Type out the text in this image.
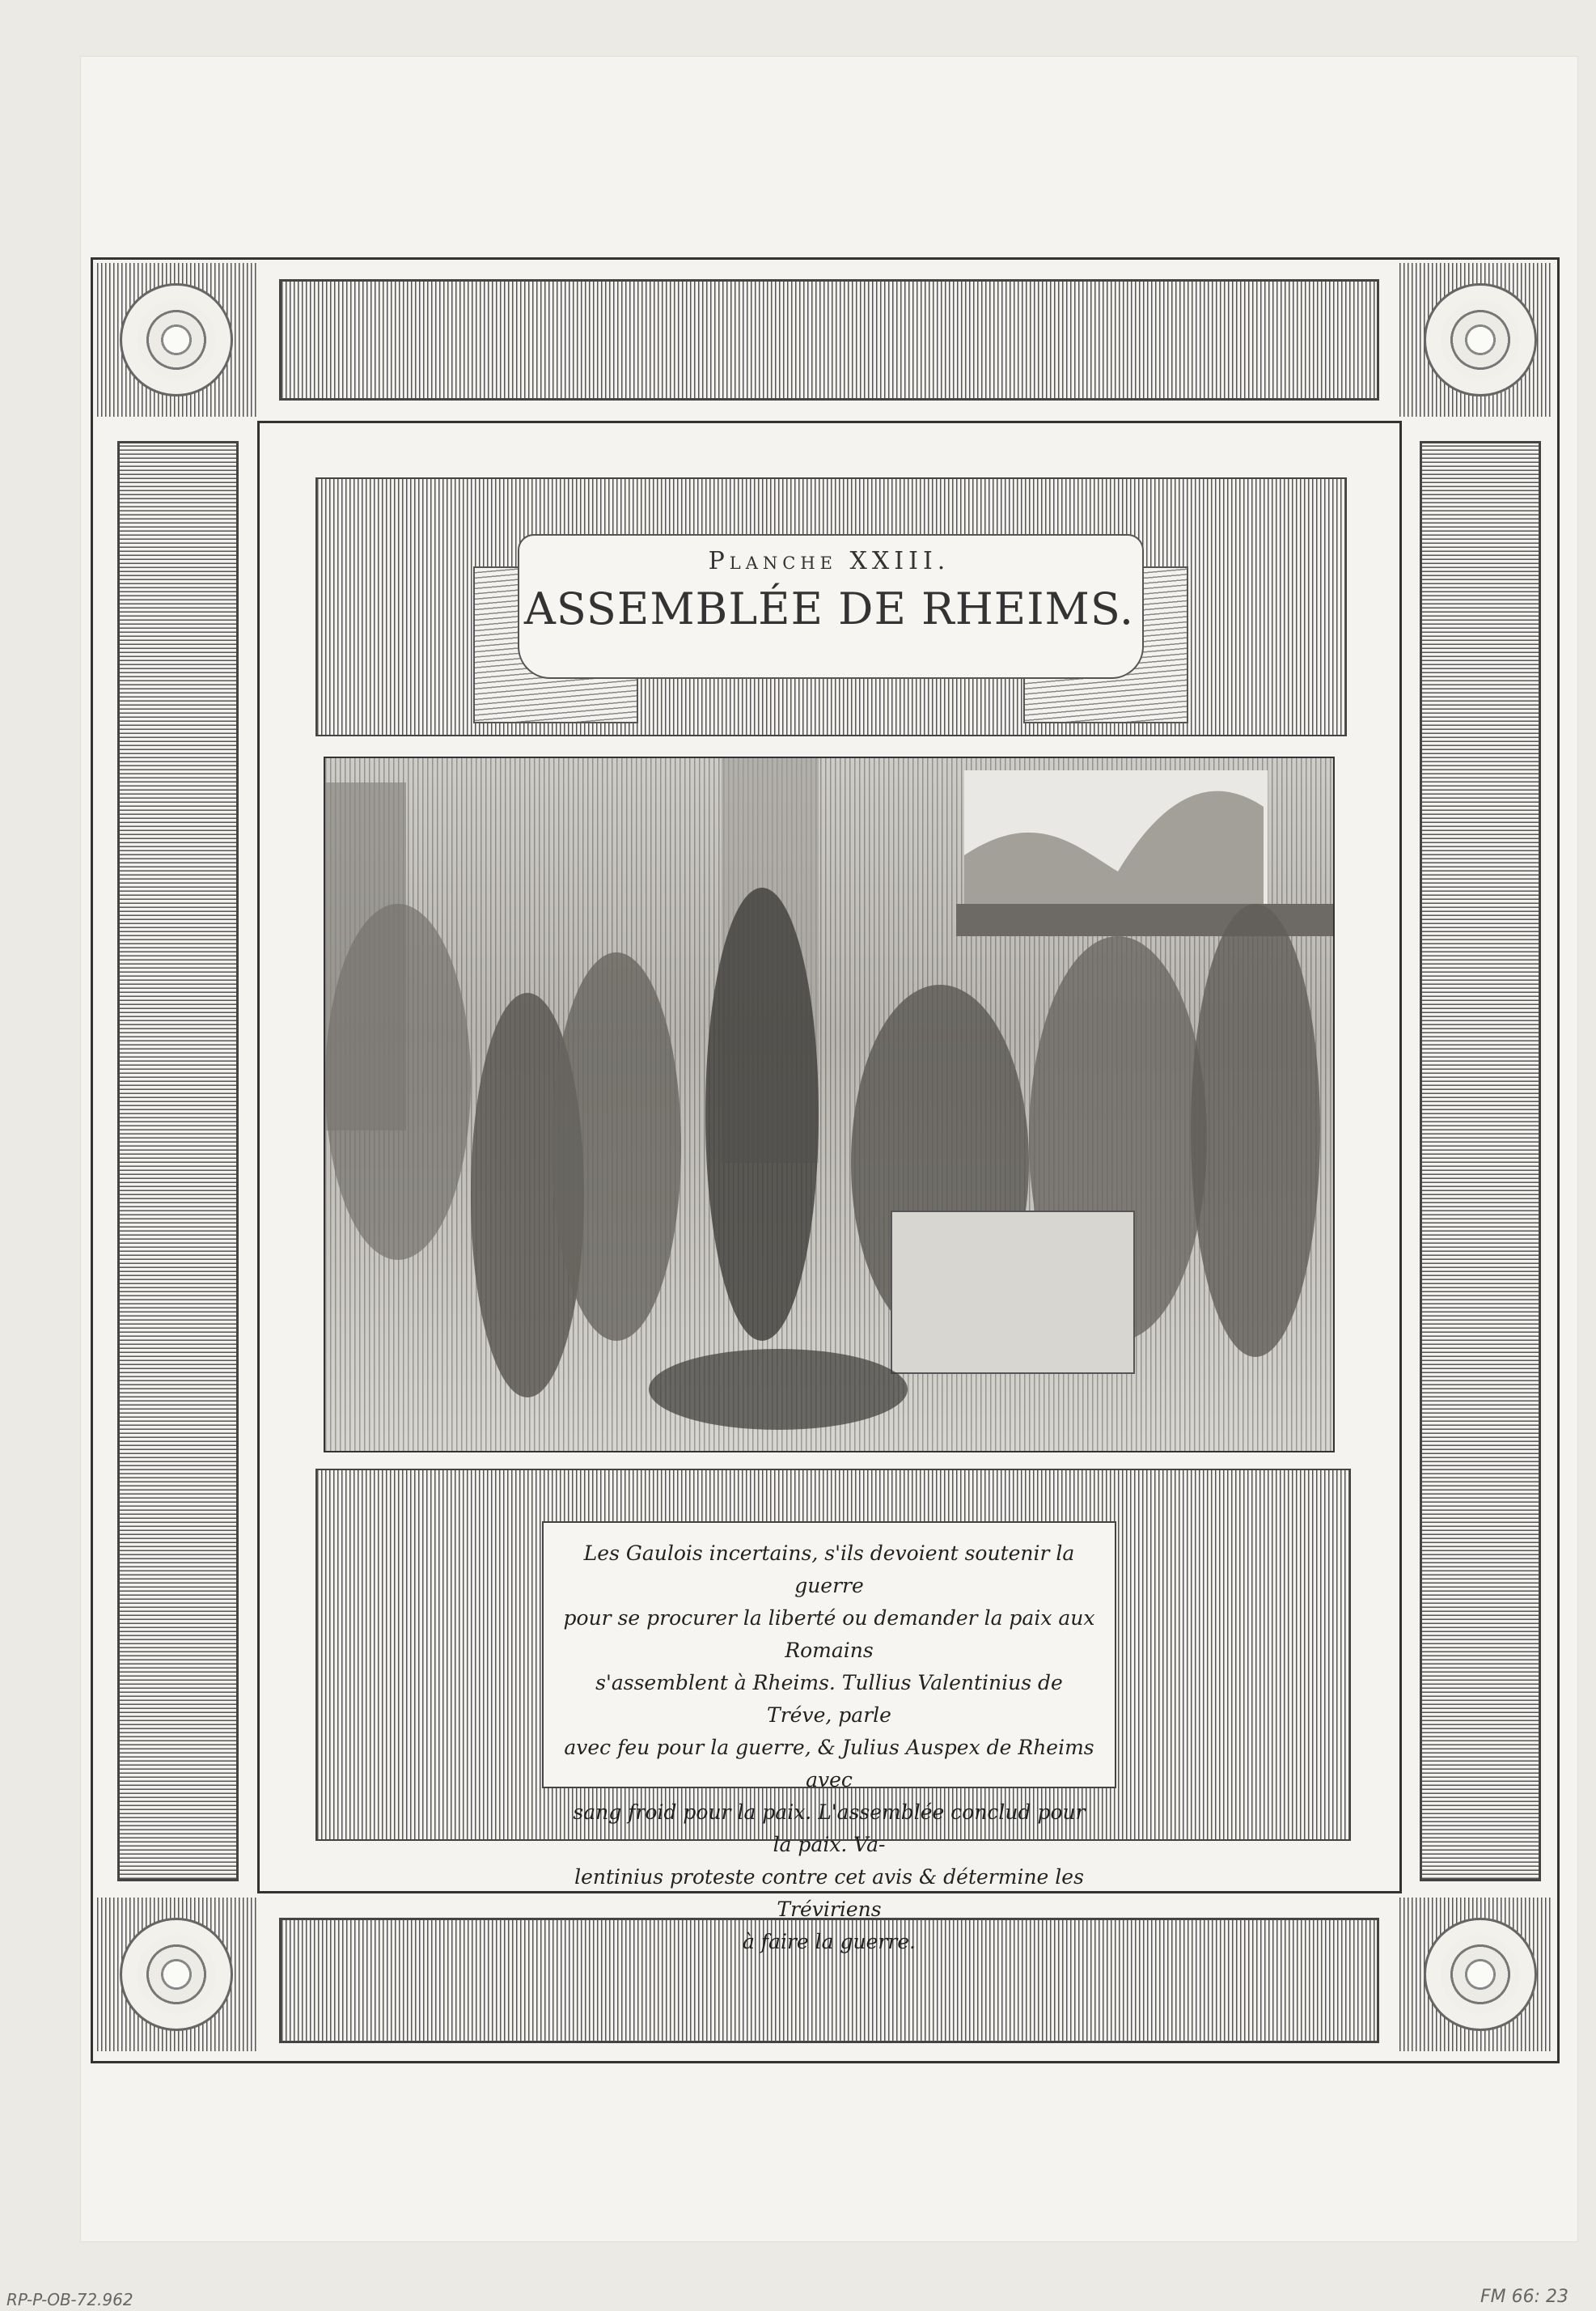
Planche XXIII.
ASSEMBLÉE DE RHEIMS.
Les Gaulois incertains, s'ils devoient soutenir la guerre
pour se procurer la liberté ou demander la paix aux Romains
s'assemblent à Rheims. Tullius Valentinius de Tréve, parle
avec feu pour la guerre, & Julius Auspex de Rheims avec
sang froid pour la paix. L'assemblée conclud pour la paix. Va-
lentinius proteste contre cet avis & détermine les Tréviriens
à faire la guerre.
RP-P-OB-72.962	FM 66: 23
